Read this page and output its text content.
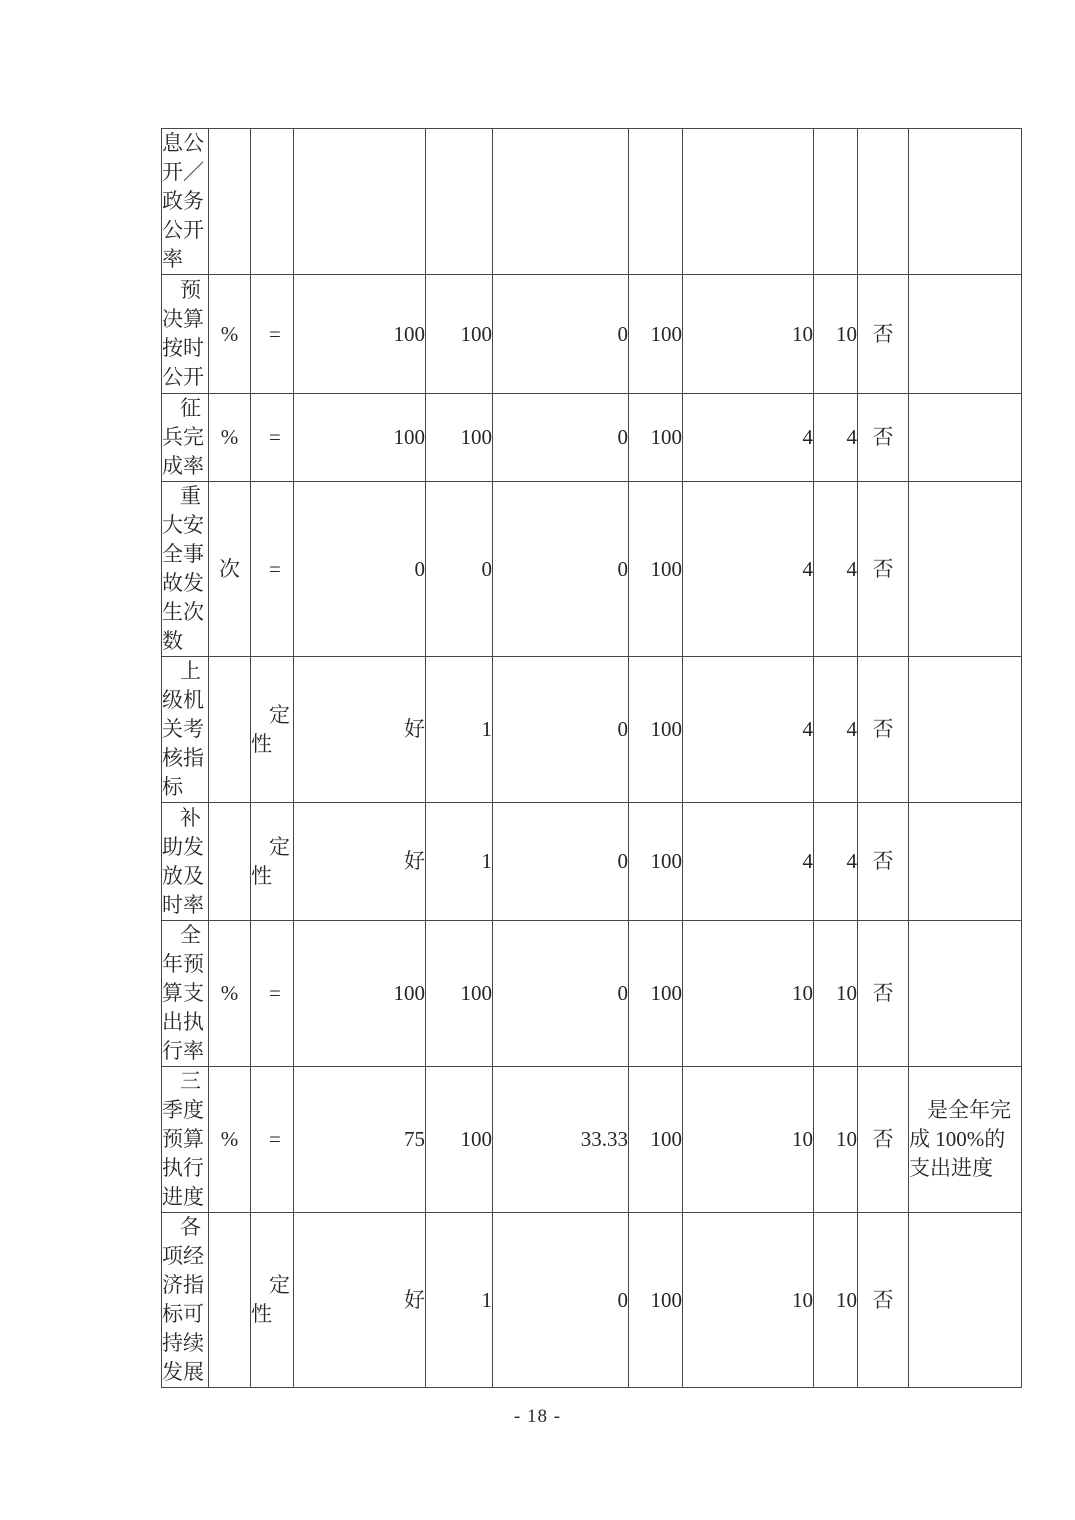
息公开／政务公开率										
预决算按时公开	%	=	100	100	0	100	10	10	否	
征兵完成率	%	=	100	100	0	100	4	4	否	
重大安全事故发生次数	次	=	0	0	0	100	4	4	否	
上级机关考核指标		定性	好	1	0	100	4	4	否	
补助发放及时率		定性	好	1	0	100	4	4	否	
全年预算支出执行率	%	=	100	100	0	100	10	10	否	
三季度预算执行进度	%	=	75	100	33.33	100	10	10	否	是全年完成 100%的支出进度
各项经济指标可持续发展		定性	好	1	0	100	10	10	否	
- 18 -
